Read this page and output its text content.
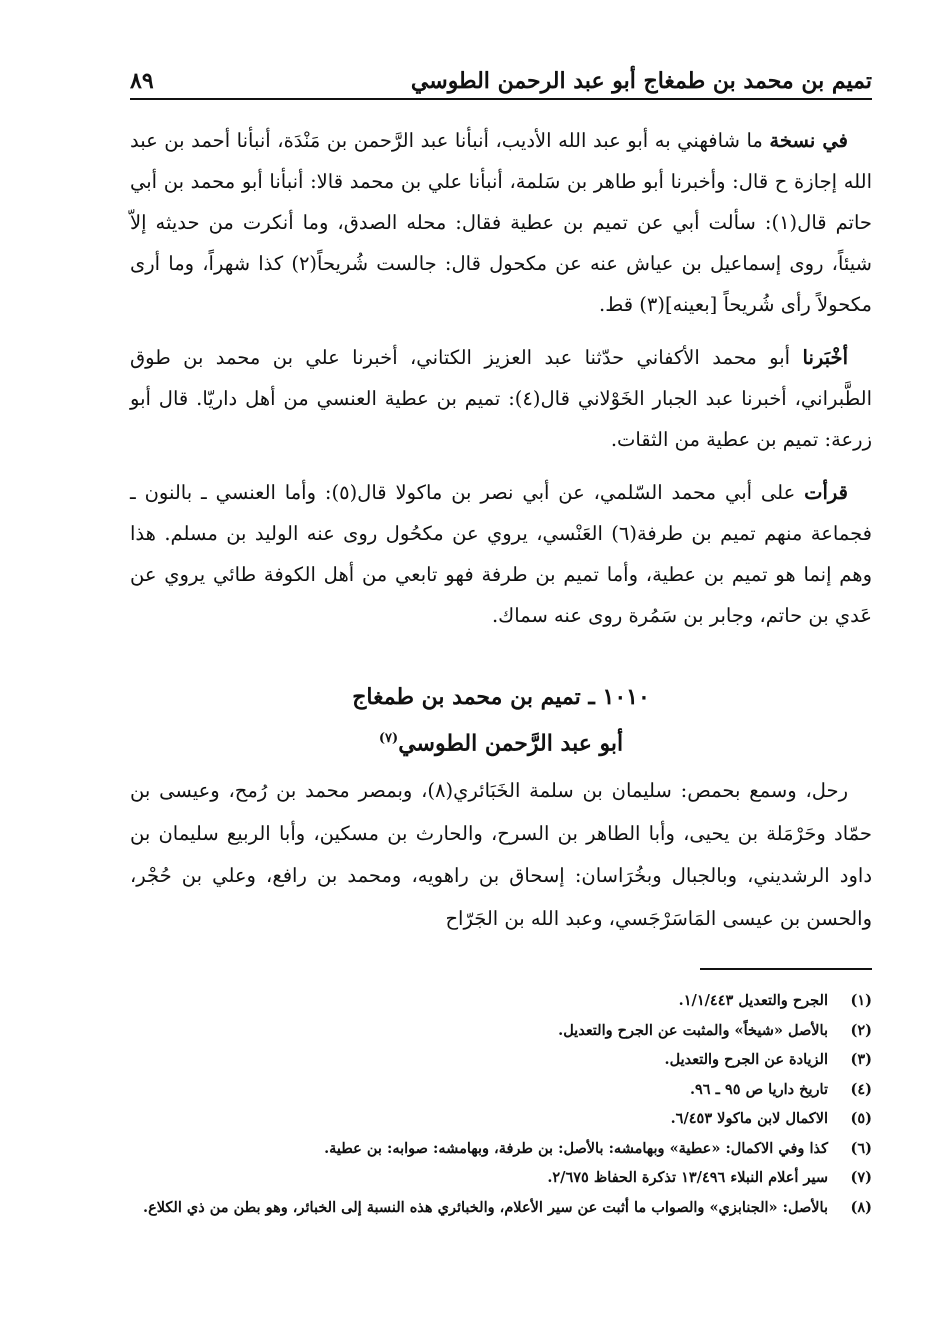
تميم بن محمد بن طمغاج أبو عبد الرحمن الطوسي
٨٩

في نسخة ما شافهني به أبو عبد الله الأديب، أنبأنا عبد الرَّحمن بن مَنْدَة، أنبأنا أحمد بن عبد الله إجازة ح قال: وأخبرنا أبو طاهر بن سَلمة، أنبأنا علي بن محمد قالا: أنبأنا أبو محمد بن أبي حاتم قال(١): سألت أبي عن تميم بن عطية فقال: محله الصدق، وما أنكرت من حديثه إلاّ شيئاً، روى إسماعيل بن عياش عنه عن مكحول قال: جالست شُريحاً(٢) كذا شهراً، وما أرى مكحولاً رأى شُريحاً [بعينه](٣) قط.

أخْبَرنا أبو محمد الأكفاني حدّثنا عبد العزيز الكتاني، أخبرنا علي بن محمد بن طوق الطَّبراني، أخبرنا عبد الجبار الخَوْلاني قال(٤): تميم بن عطية العنسي من أهل داريّا. قال أبو زرعة: تميم بن عطية من الثقات.

قرأت على أبي محمد السّلمي، عن أبي نصر بن ماكولا قال(٥): وأما العنسي ـ بالنون ـ فجماعة منهم تميم بن طرفة(٦) العَنْسي، يروي عن مكحُول روى عنه الوليد بن مسلم. هذا وهم إنما هو تميم بن عطية، وأما تميم بن طرفة فهو تابعي من أهل الكوفة طائي يروي عن عَدي بن حاتم، وجابر بن سَمُرة روى عنه سماك.

١٠١٠ ـ تميم بن محمد بن طمغاج
أبو عبد الرَّحمن الطوسي$^{(٧)}$

رحل، وسمع بحمص: سليمان بن سلمة الخَبَائري(٨)، وبمصر محمد بن رُمح، وعيسى بن حمّاد وحَرْمَلة بن يحيى، وأبا الطاهر بن السرح، والحارث بن مسكين، وأبا الربيع سليمان بن داود الرشديني، وبالجبال وبخُرَاسان: إسحاق بن راهويه، ومحمد بن رافع، وعلي بن حُجْر، والحسن بن عيسى المَاسَرْجَسي، وعبد الله بن الجَرّاح

(١)
الجرح والتعديل ١/١/٤٤٣.
(٢)
بالأصل «شيخاً» والمثبت عن الجرح والتعديل.
(٣)
الزيادة عن الجرح والتعديل.
(٤)
تاريخ داريا ص ٩٥ ـ ٩٦.
(٥)
الاكمال لابن ماكولا ٦/٤٥٣.
(٦)
كذا وفي الاكمال: «عطية» وبهامشه: بالأصل: بن طرفة، وبهامشه: صوابه: بن عطية.
(٧)
سير أعلام النبلاء ١٣/٤٩٦ تذكرة الحفاظ ٢/٦٧٥.
(٨)
بالأصل: «الجنابزي» والصواب ما أثبت عن سير الأعلام، والخبائري هذه النسبة إلى الخبائر، وهو بطن من ذي الكلاع.
